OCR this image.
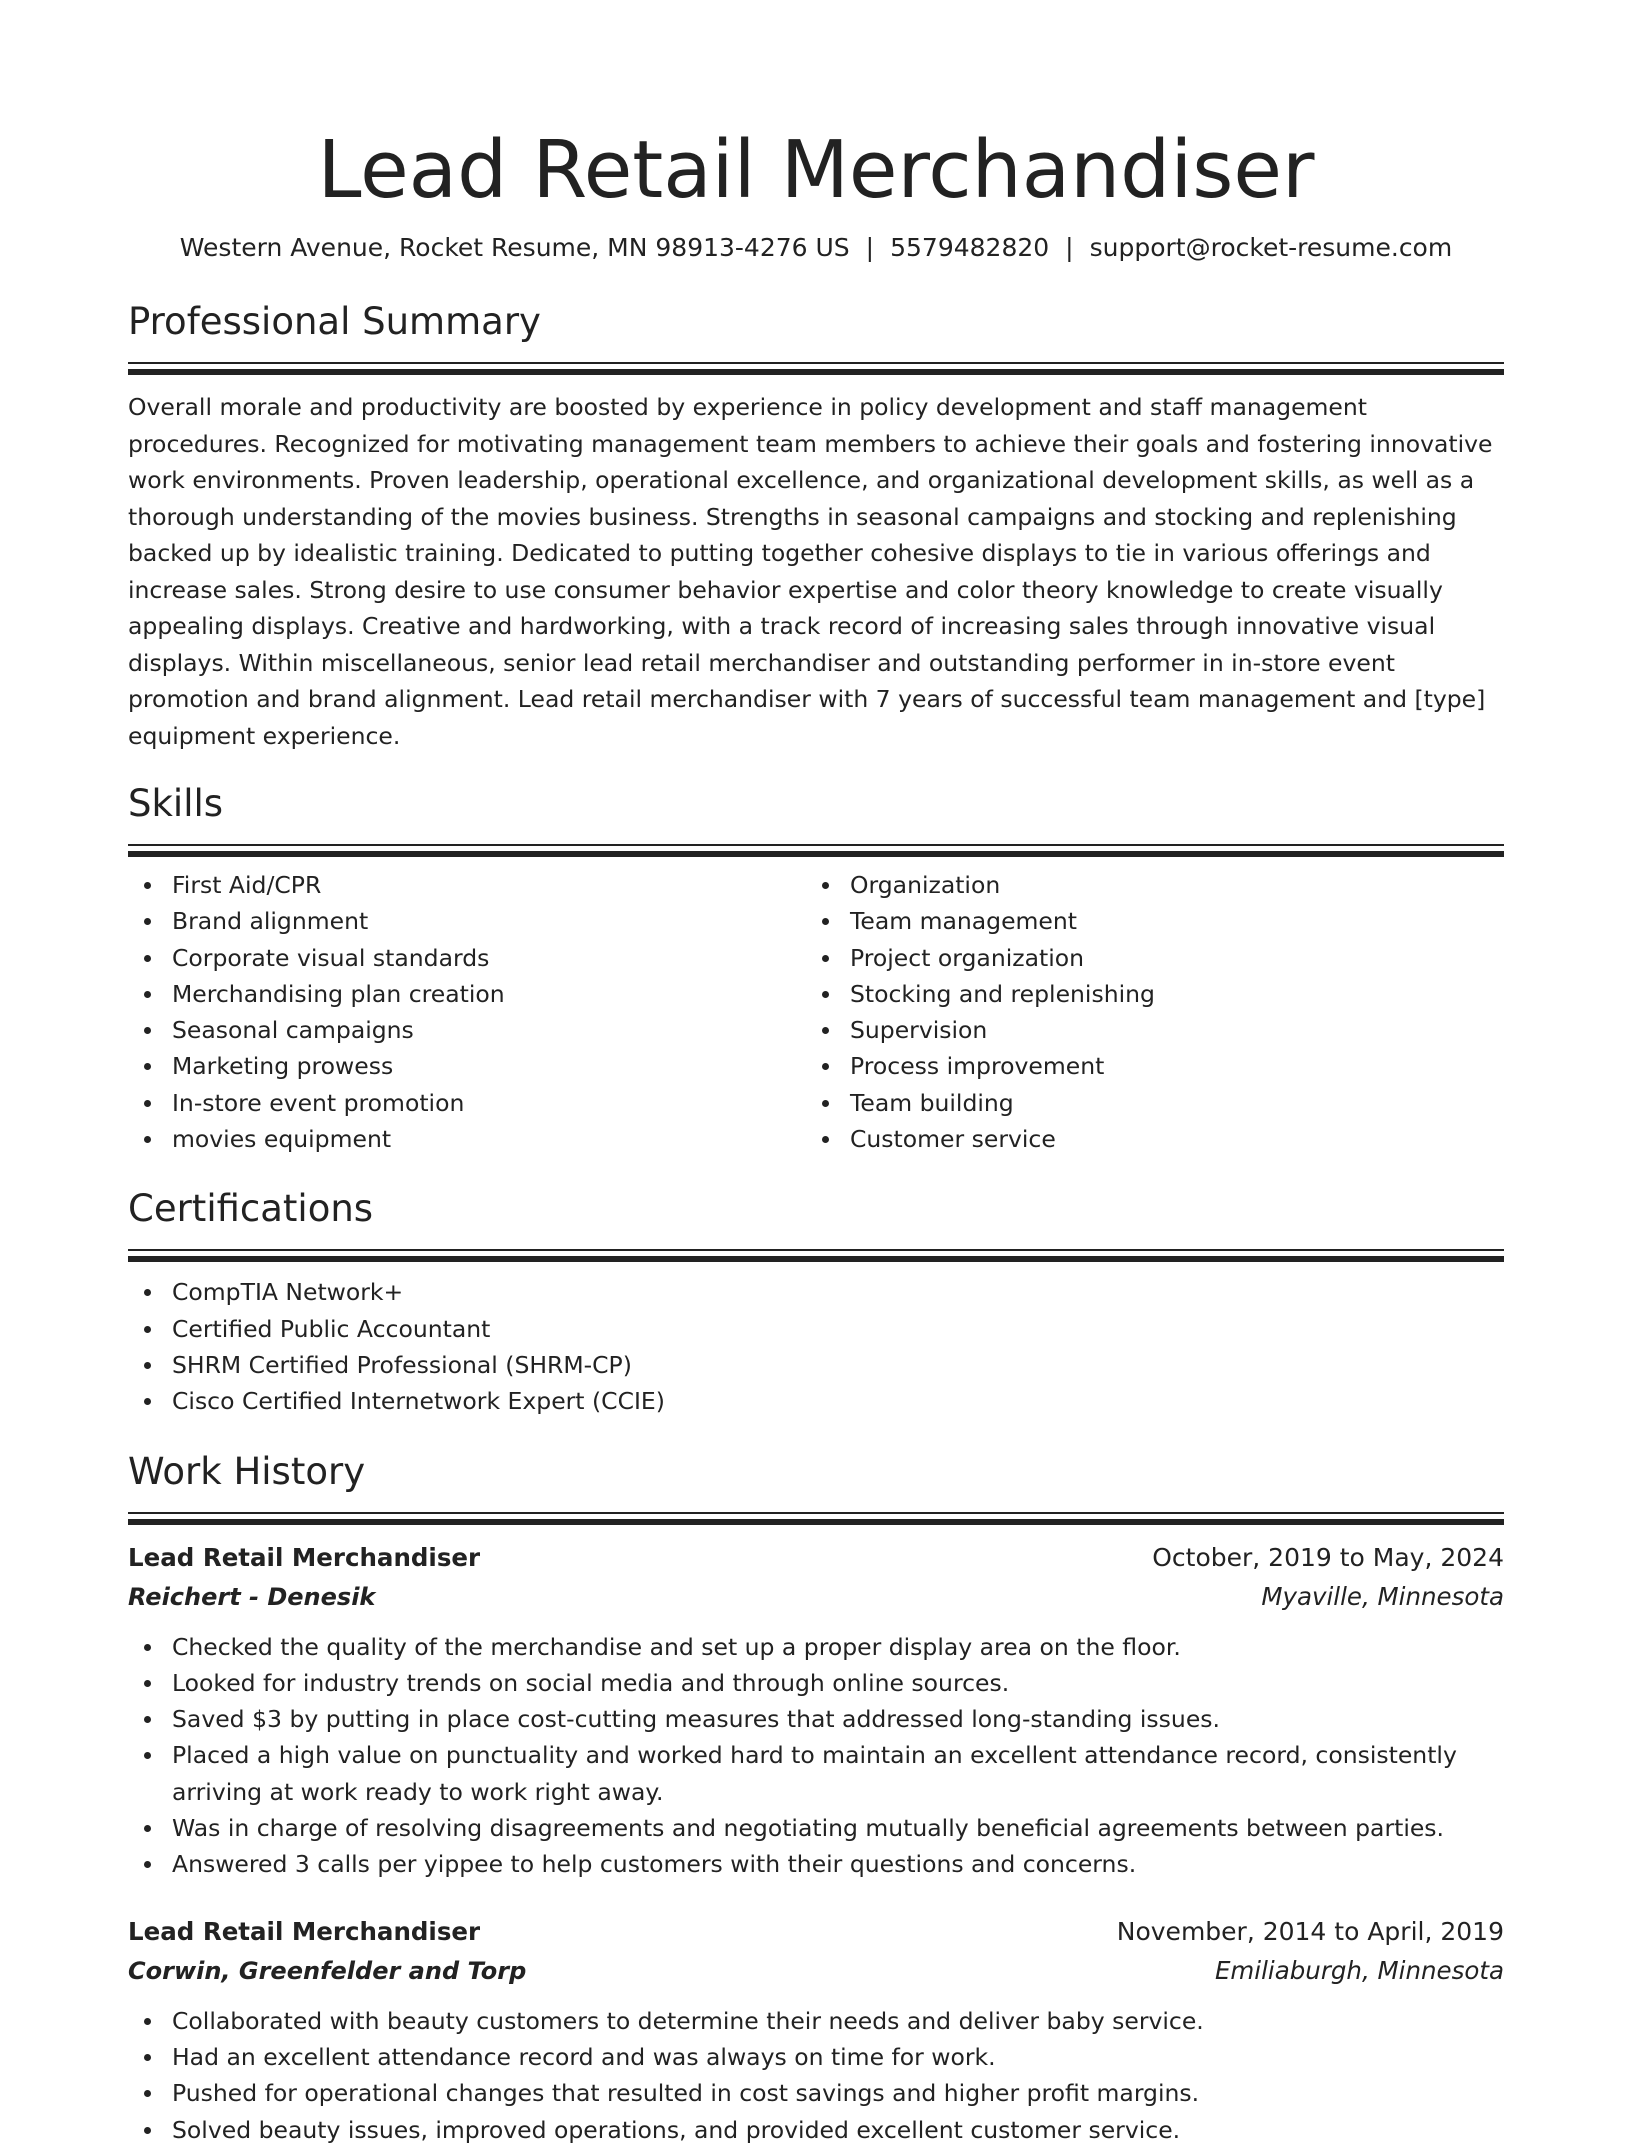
Lead Retail Merchandiser
Western Avenue, Rocket Resume, MN 98913-4276 US | 5579482820 | support@rocket-resume.com
Professional Summary

Overall morale and productivity are boosted by experience in policy development and staff management procedures. Recognized for motivating management team members to achieve their goals and fostering innovative work environments. Proven leadership, operational excellence, and organizational development skills, as well as a thorough understanding of the movies business. Strengths in seasonal campaigns and stocking and replenishing backed up by idealistic training. Dedicated to putting together cohesive displays to tie in various offerings and increase sales. Strong desire to use consumer behavior expertise and color theory knowledge to create visually appealing displays. Creative and hardworking, with a track record of increasing sales through innovative visual displays. Within miscellaneous, senior lead retail merchandiser and outstanding performer in in-store event promotion and brand alignment. Lead retail merchandiser with 7 years of successful team management and [type] equipment experience.

Skills
First Aid/CPR
Brand alignment
Corporate visual standards
Merchandising plan creation
Seasonal campaigns
Marketing prowess
In-store event promotion
movies equipment
Organization
Team management
Project organization
Stocking and replenishing
Supervision
Process improvement
Team building
Customer service
Certifications
CompTIA Network+
Certified Public Accountant
SHRM Certified Professional (SHRM-CP)
Cisco Certified Internetwork Expert (CCIE)
Work History
Lead Retail Merchandiser	October, 2019 to May, 2024
Reichert - Denesik	Myaville, Minnesota
Checked the quality of the merchandise and set up a proper display area on the floor.
Looked for industry trends on social media and through online sources.
Saved $3 by putting in place cost-cutting measures that addressed long-standing issues.
Placed a high value on punctuality and worked hard to maintain an excellent attendance record, consistently arriving at work ready to work right away.
Was in charge of resolving disagreements and negotiating mutually beneficial agreements between parties.
Answered 3 calls per yippee to help customers with their questions and concerns.
Lead Retail Merchandiser	November, 2014 to April, 2019
Corwin, Greenfelder and Torp	Emiliaburgh, Minnesota
Collaborated with beauty customers to determine their needs and deliver baby service.
Had an excellent attendance record and was always on time for work.
Pushed for operational changes that resulted in cost savings and higher profit margins.
Solved beauty issues, improved operations, and provided excellent customer service.
